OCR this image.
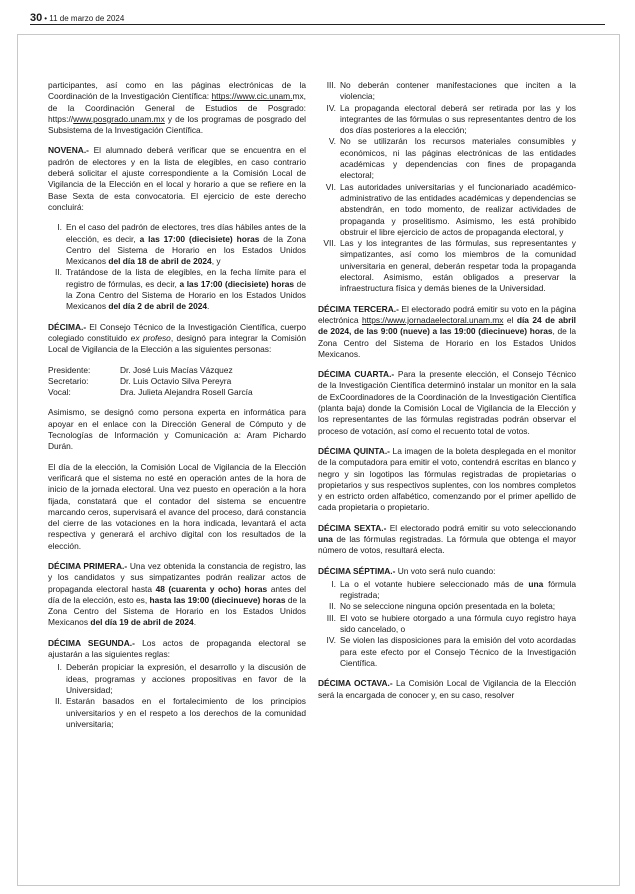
30 • 11 de marzo de 2024

participantes, así como en las páginas electrónicas de la Coordinación de la Investigación Científica: https://www.cic.unam.mx, de la Coordinación General de Estudios de Posgrado: https://www.posgrado.unam.mx y de los programas de posgrado del Subsistema de la Investigación Científica.

NOVENA.- El alumnado deberá verificar que se encuentra en el padrón de electores y en la lista de elegibles, en caso contrario deberá solicitar el ajuste correspondiente a la Comisión Local de Vigilancia de la Elección en el local y horario a que se refiere en la Base Sexta de esta convocatoria. El ejercicio de este derecho concluirá:

I. En el caso del padrón de electores, tres días hábiles antes de la elección, es decir, a las 17:00 (diecisiete) horas de la Zona Centro del Sistema de Horario en los Estados Unidos Mexicanos del día 18 de abril de 2024, y
II. Tratándose de la lista de elegibles, en la fecha límite para el registro de fórmulas, es decir, a las 17:00 (diecisiete) horas de la Zona Centro del Sistema de Horario en los Estados Unidos Mexicanos del día 2 de abril de 2024.

DÉCIMA.- El Consejo Técnico de la Investigación Científica, cuerpo colegiado constituido ex profeso, designó para integrar la Comisión Local de Vigilancia de la Elección a las siguientes personas:

Presidente:	Dr. José Luis Macías Vázquez
Secretario:	Dr. Luis Octavio Silva Pereyra
Vocal:	Dra. Julieta Alejandra Rosell García

Asimismo, se designó como persona experta en informática para apoyar en el enlace con la Dirección General de Cómputo y de Tecnologías de Información y Comunicación a: Aram Pichardo Durán.

El día de la elección, la Comisión Local de Vigilancia de la Elección verificará que el sistema no esté en operación antes de la hora de inicio de la jornada electoral. Una vez puesto en operación a la hora fijada, constatará que el contador del sistema se encuentre marcando ceros, supervisará el avance del proceso, dará constancia del cierre de las votaciones en la hora indicada, levantará el acta respectiva y generará el archivo digital con los resultados de la elección.

DÉCIMA PRIMERA.- Una vez obtenida la constancia de registro, las y los candidatos y sus simpatizantes podrán realizar actos de propaganda electoral hasta 48 (cuarenta y ocho) horas antes del día de la elección, esto es, hasta las 19:00 (diecinueve) horas de la Zona Centro del Sistema de Horario en los Estados Unidos Mexicanos del día 19 de abril de 2024.

DÉCIMA SEGUNDA.- Los actos de propaganda electoral se ajustarán a las siguientes reglas:

I. Deberán propiciar la expresión, el desarrollo y la discusión de ideas, programas y acciones propositivas en favor de la Universidad;
II. Estarán basados en el fortalecimiento de los principios universitarios y en el respeto a los derechos de la comunidad universitaria;
III. No deberán contener manifestaciones que inciten a la violencia;
IV. La propaganda electoral deberá ser retirada por las y los integrantes de las fórmulas o sus representantes dentro de los dos días posteriores a la elección;
V. No se utilizarán los recursos materiales consumibles y económicos, ni las páginas electrónicas de las entidades académicas y dependencias con fines de propaganda electoral;
VI. Las autoridades universitarias y el funcionariado académico-administrativo de las entidades académicas y dependencias se abstendrán, en todo momento, de realizar actividades de propaganda y proselitismo. Asimismo, les está prohibido obstruir el libre ejercicio de actos de propaganda electoral, y
VII. Las y los integrantes de las fórmulas, sus representantes y simpatizantes, así como los miembros de la comunidad universitaria en general, deberán respetar toda la propaganda electoral. Asimismo, están obligados a preservar la infraestructura física y demás bienes de la Universidad.

DÉCIMA TERCERA.- El electorado podrá emitir su voto en la página electrónica https://www.jornadaelectoral.unam.mx el día 24 de abril de 2024, de las 9:00 (nueve) a las 19:00 (diecinueve) horas, de la Zona Centro del Sistema de Horario en los Estados Unidos Mexicanos.

DÉCIMA CUARTA.- Para la presente elección, el Consejo Técnico de la Investigación Científica determinó instalar un monitor en la sala de ExCoordinadores de la Coordinación de la Investigación Científica (planta baja) donde la Comisión Local de Vigilancia de la Elección y los representantes de las fórmulas registradas podrán observar el proceso de votación, así como el recuento total de votos.

DÉCIMA QUINTA.- La imagen de la boleta desplegada en el monitor de la computadora para emitir el voto, contendrá escritas en blanco y negro y sin logotipos las fórmulas registradas de propietarias o propietarios y sus respectivos suplentes, con los nombres completos y en estricto orden alfabético, comenzando por el primer apellido de cada propietaria o propietario.

DÉCIMA SEXTA.- El electorado podrá emitir su voto seleccionando una de las fórmulas registradas. La fórmula que obtenga el mayor número de votos, resultará electa.

DÉCIMA SÉPTIMA.- Un voto será nulo cuando:

I. La o el votante hubiere seleccionado más de una fórmula registrada;
II. No se seleccione ninguna opción presentada en la boleta;
III. El voto se hubiere otorgado a una fórmula cuyo registro haya sido cancelado, o
IV. Se violen las disposiciones para la emisión del voto acordadas para este efecto por el Consejo Técnico de la Investigación Científica.

DÉCIMA OCTAVA.- La Comisión Local de Vigilancia de la Elección será la encargada de conocer y, en su caso, resolver
